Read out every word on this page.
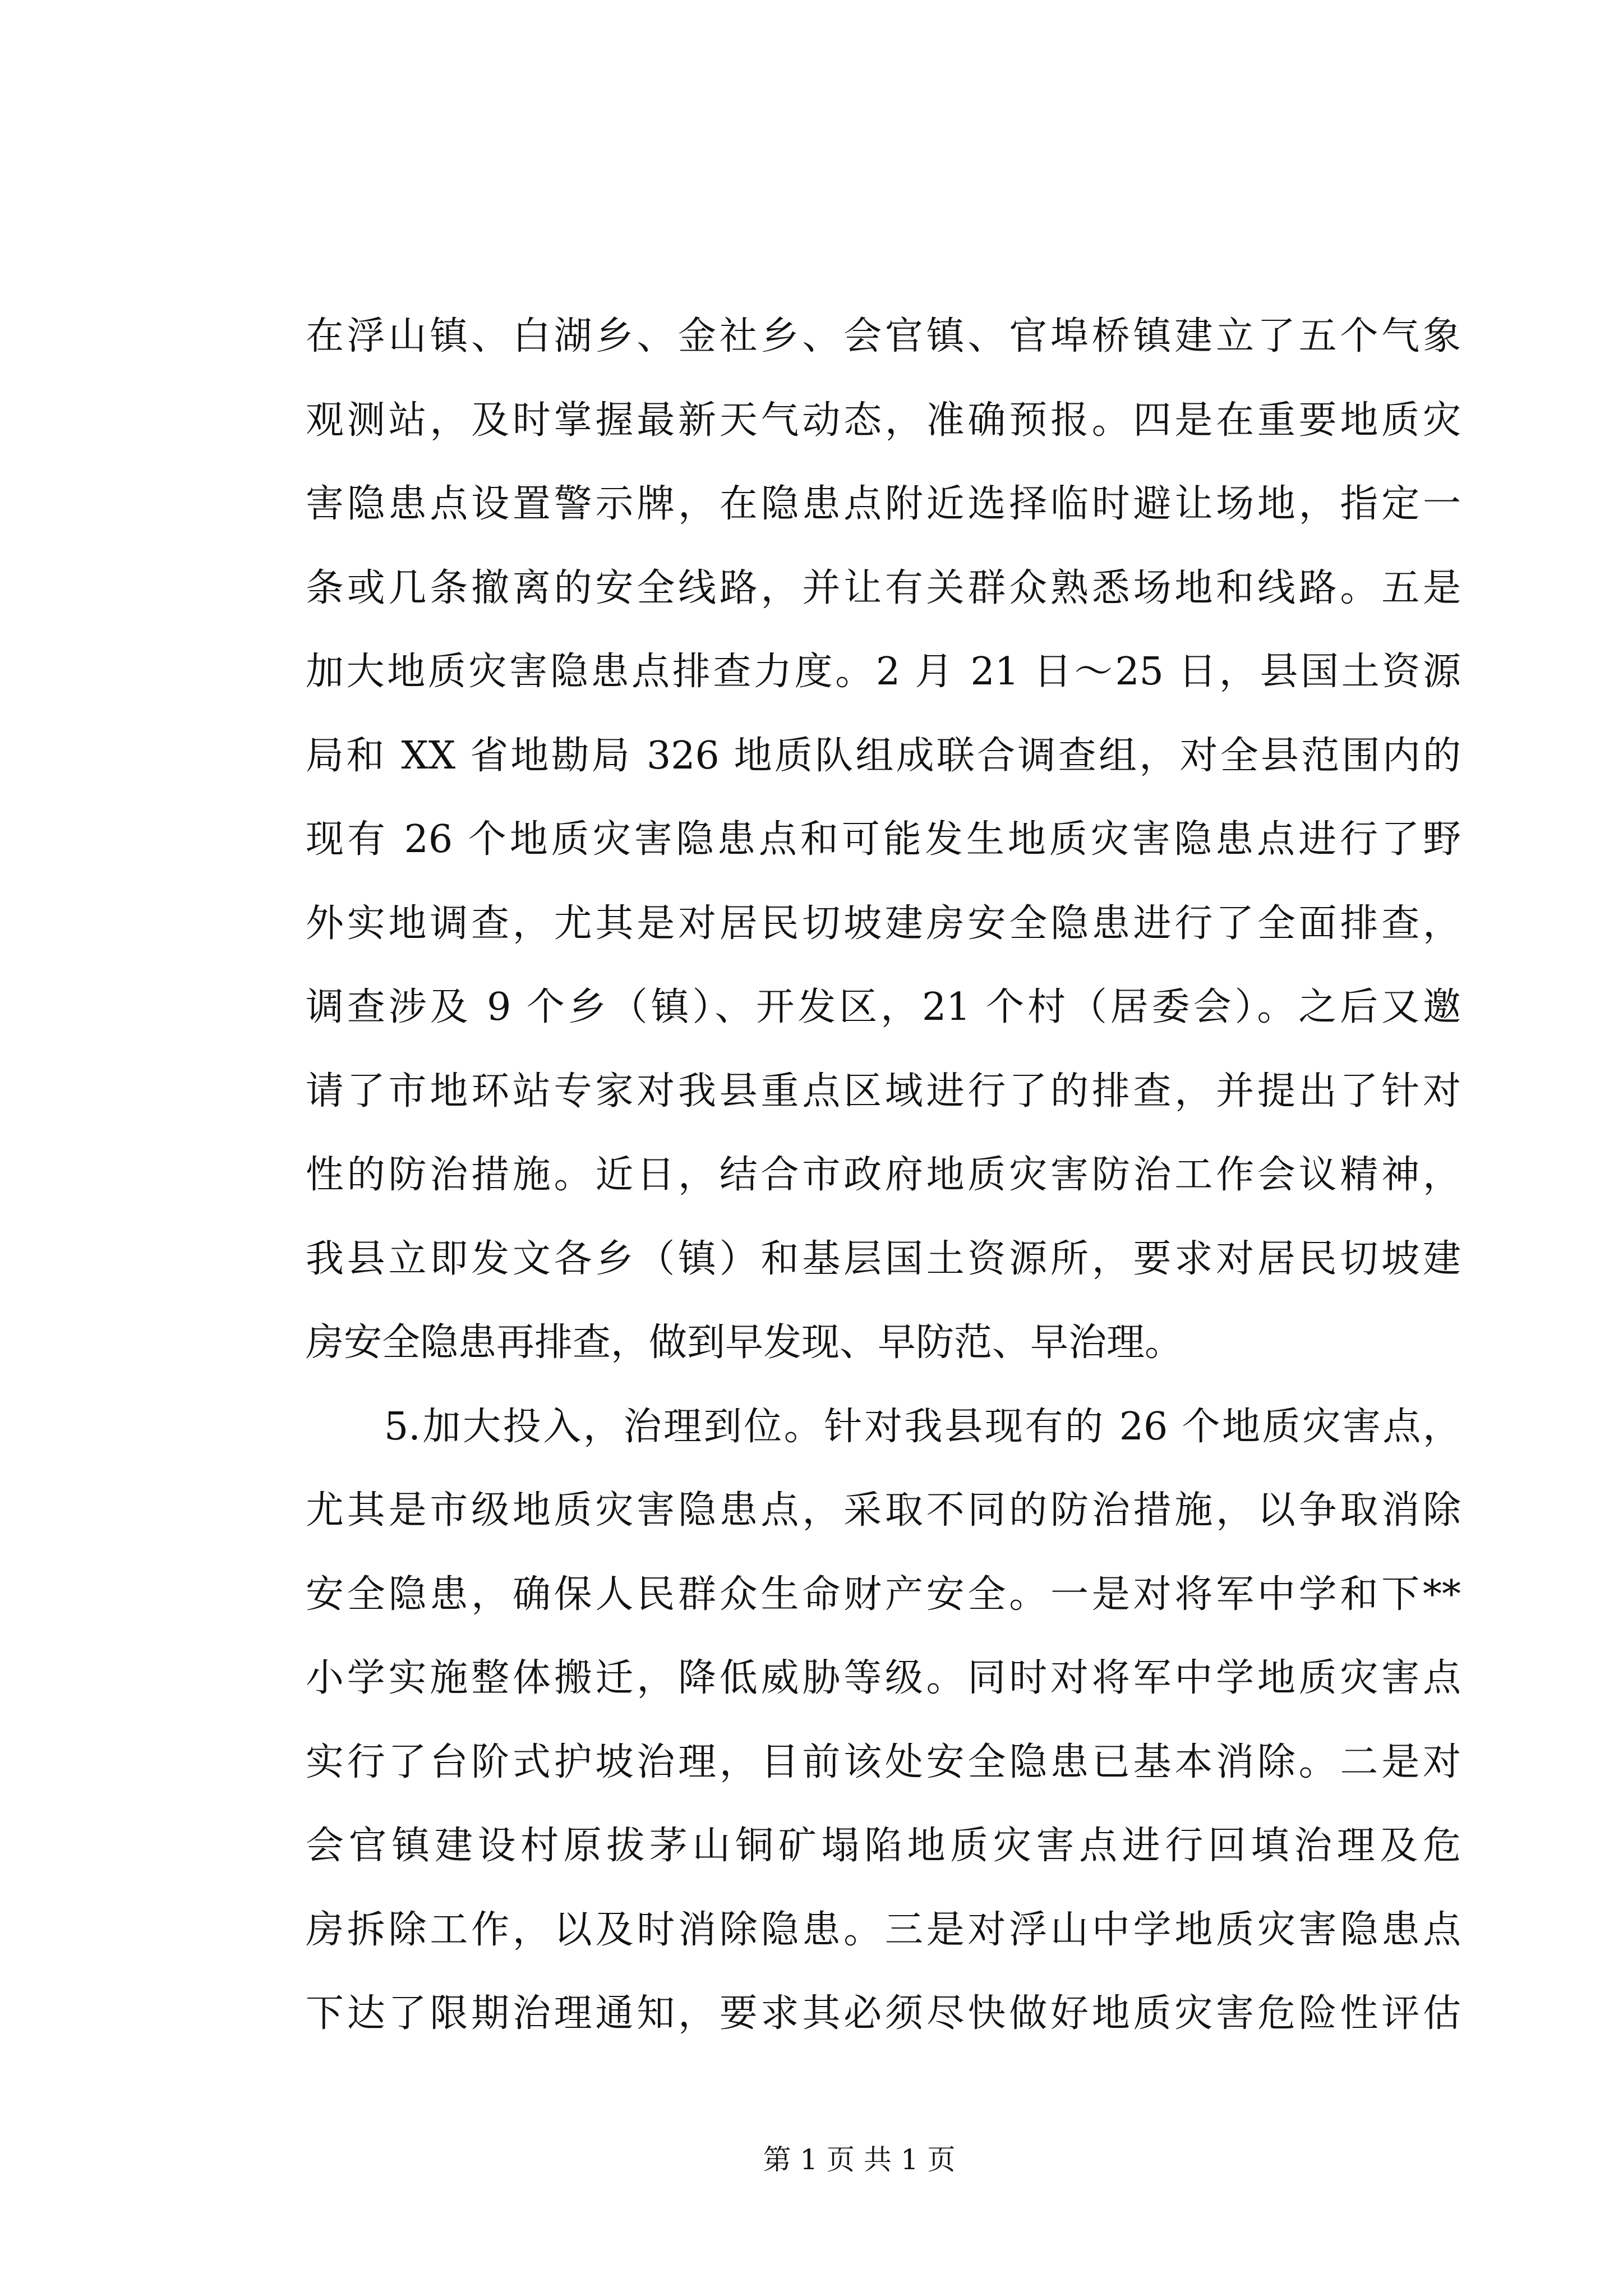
在浮山镇、白湖乡、金社乡、会官镇、官埠桥镇建立了五个气象
观测站，及时掌握最新天气动态，准确预报。四是在重要地质灾
害隐患点设置警示牌，在隐患点附近选择临时避让场地，指定一
条或几条撤离的安全线路，并让有关群众熟悉场地和线路。五是
加大地质灾害隐患点排查力度。2 月 21 日～25 日，县国土资源
局和 XX 省地勘局 326 地质队组成联合调查组，对全县范围内的
现有 26 个地质灾害隐患点和可能发生地质灾害隐患点进行了野
外实地调查，尤其是对居民切坡建房安全隐患进行了全面排查，
调查涉及 9 个乡（镇）、开发区，21 个村（居委会）。之后又邀
请了市地环站专家对我县重点区域进行了的排查，并提出了针对
性的防治措施。近日，结合市政府地质灾害防治工作会议精神，
我县立即发文各乡（镇）和基层国土资源所，要求对居民切坡建
房安全隐患再排查，做到早发现、早防范、早治理。
5.加大投入，治理到位。针对我县现有的 26 个地质灾害点，
尤其是市级地质灾害隐患点，采取不同的防治措施，以争取消除
安全隐患，确保人民群众生命财产安全。一是对将军中学和下**
小学实施整体搬迁，降低威胁等级。同时对将军中学地质灾害点
实行了台阶式护坡治理，目前该处安全隐患已基本消除。二是对
会官镇建设村原拔茅山铜矿塌陷地质灾害点进行回填治理及危
房拆除工作，以及时消除隐患。三是对浮山中学地质灾害隐患点
下达了限期治理通知，要求其必须尽快做好地质灾害危险性评估
第 1 页 共 1 页
